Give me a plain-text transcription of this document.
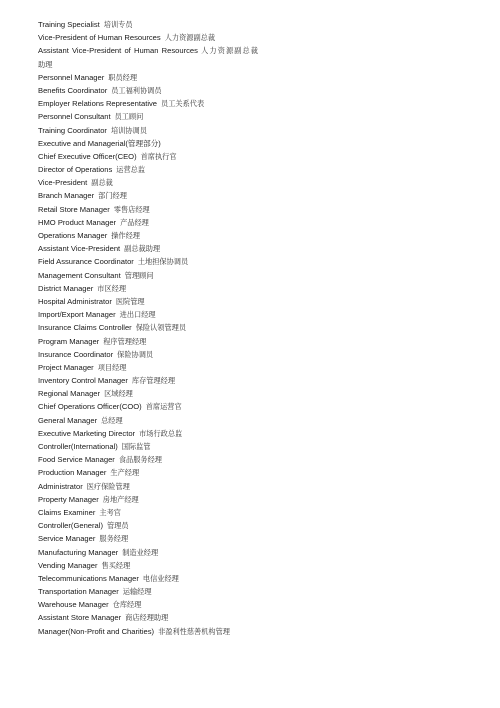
Training Specialist 培训专员
Vice-President of Human Resources 人力资源副总裁
Assistant Vice-President of Human Resources 人力资源副总裁
助理
Personnel Manager 职员经理
Benefits Coordinator 员工福利协调员
Employer Relations Representative 员工关系代表
Personnel Consultant 员工顾问
Training Coordinator 培训协调员
Executive and Managerial(管理部分)
Chief Executive Officer(CEO) 首席执行官
Director of Operations 运营总监
Vice-President 副总裁
Branch Manager 部门经理
Retail Store Manager 零售店经理
HMO Product Manager 产品经理
Operations Manager 操作经理
Assistant Vice-President 副总裁助理
Field Assurance Coordinator 土地担保协调员
Management Consultant 管理顾问
District Manager 市区经理
Hospital Administrator 医院管理
Import/Export Manager 进出口经理
Insurance Claims Controller 保险认领管理员
Program Manager 程序管理经理
Insurance Coordinator 保险协调员
Project Manager 项目经理
Inventory Control Manager 库存管理经理
Regional Manager 区域经理
Chief Operations Officer(COO) 首席运营官
General Manager 总经理
Executive Marketing Director 市场行政总监
Controller(International) 国际监管
Food Service Manager 食品服务经理
Production Manager 生产经理
Administrator 医疗保险管理
Property Manager 房地产经理
Claims Examiner 主考官
Controller(General) 管理员
Service Manager 服务经理
Manufacturing Manager 制造业经理
Vending Manager 售买经理
Telecommunications Manager 电信业经理
Transportation Manager 运输经理
Warehouse Manager 仓库经理
Assistant Store Manager 商店经理助理
Manager(Non-Profit and Charities) 非盈利性慈善机构管理
